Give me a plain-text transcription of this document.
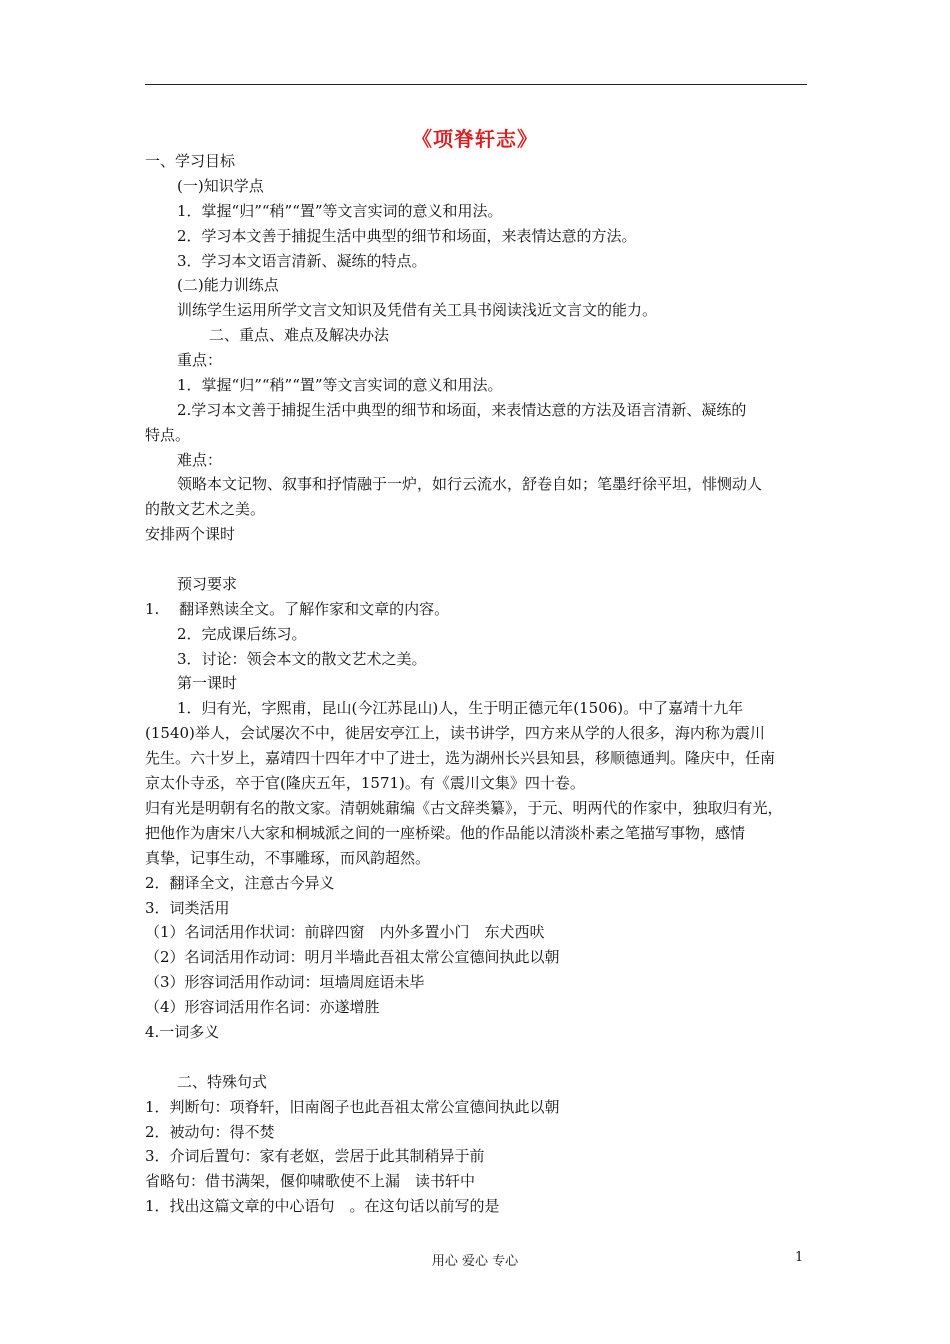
《项脊轩志》
一、学习目标
(一)知识学点
1．掌握“归”“稍”“置”等文言实词的意义和用法。
2．学习本文善于捕捉生活中典型的细节和场面，来表情达意的方法。
3．学习本文语言清新、凝练的特点。
(二)能力训练点
训练学生运用所学文言文知识及凭借有关工具书阅读浅近文言文的能力。
二、重点、难点及解决办法
重点：
1．掌握“归”“稍”“置”等文言实词的意义和用法。
2.学习本文善于捕捉生活中典型的细节和场面，来表情达意的方法及语言清新、凝练的
特点。
难点：
领略本文记物、叙事和抒情融于一炉，如行云流水，舒卷自如；笔墨纡徐平坦，悱恻动人
的散文艺术之美。
安排两个课时
预习要求
1.　 翻译熟读全文。了解作家和文章的内容。
2．完成课后练习。
3．讨论：领会本文的散文艺术之美。
第一课时
1．归有光，字熙甫，昆山(今江苏昆山)人，生于明正德元年(1506)。中了嘉靖十九年
(1540)举人，会试屡次不中，徙居安亭江上，读书讲学，四方来从学的人很多，海内称为震川
先生。六十岁上，嘉靖四十四年才中了进士，选为湖州长兴县知县，移顺德通判。隆庆中，任南
京太仆寺丞，卒于官(隆庆五年，1571)。有《震川文集》四十卷。
归有光是明朝有名的散文家。清朝姚鼐编《古文辞类纂》，于元、明两代的作家中，独取归有光，
把他作为唐宋八大家和桐城派之间的一座桥梁。他的作品能以清淡朴素之笔描写事物，感情
真挚，记事生动，不事雕琢，而风韵超然。
2．翻译全文，注意古今异义
3．词类活用
（1）名词活用作状词：前辟四窗　内外多置小门　东犬西吠
（2）名词活用作动词：明月半墙此吾祖太常公宣德间执此以朝
（3）形容词活用作动词：垣墙周庭语未毕
（4）形容词活用作名词：亦遂增胜
4.一词多义
二、特殊句式
1．判断句：项脊轩，旧南阁子也此吾祖太常公宣德间执此以朝
2．被动句：得不焚
3．介词后置句：家有老妪，尝居于此其制稍异于前
省略句：借书满架，偃仰啸歌使不上漏　读书轩中
1．找出这篇文章的中心语句　。在这句话以前写的是
用心 爱心 专心	1
